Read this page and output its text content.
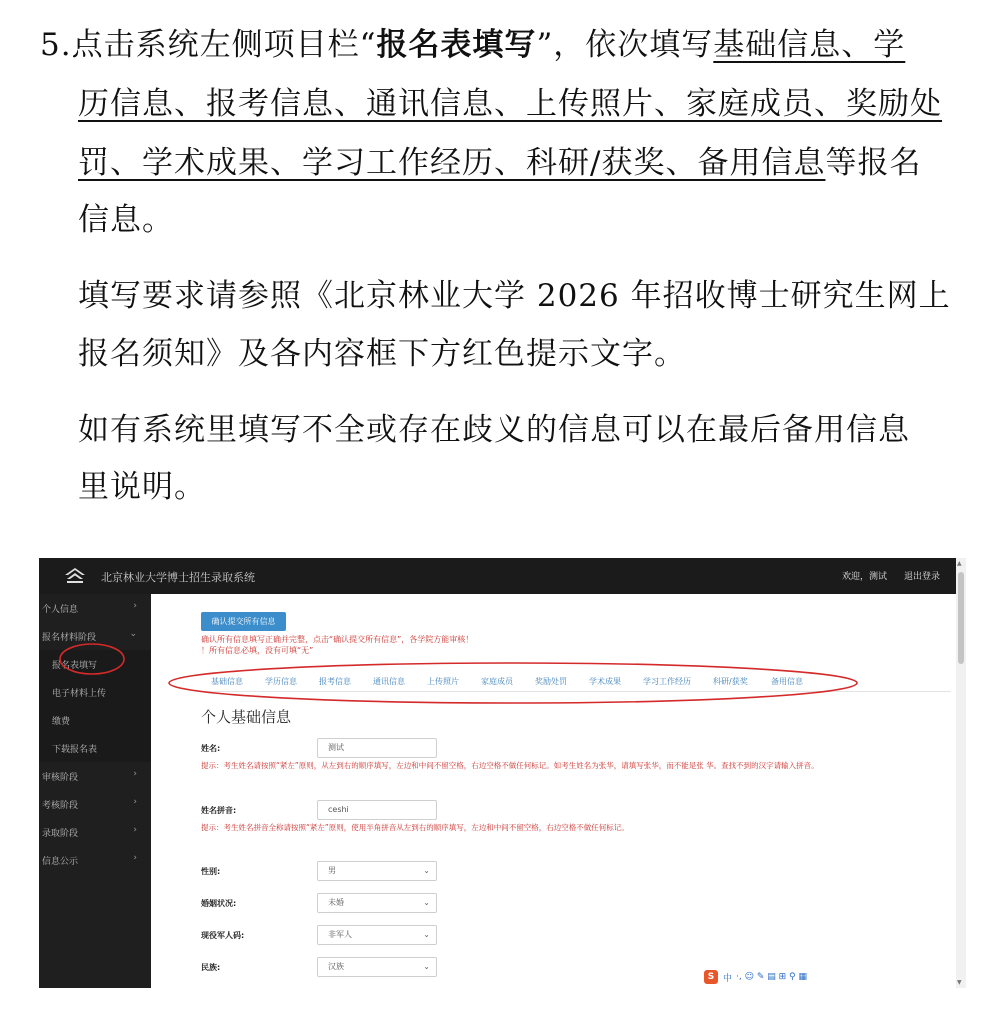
5.点击系统左侧项目栏“报名表填写”，依次填写基础信息、学
历信息、报考信息、通讯信息、上传照片、家庭成员、奖励处
罚、学术成果、学习工作经历、科研/获奖、备用信息等报名
信息。
填写要求请参照《北京林业大学 2026 年招收博士研究生网上
报名须知》及各内容框下方红色提示文字。
如有系统里填写不全或存在歧义的信息可以在最后备用信息
里说明。
北京林业大学博士招生录取系统	欢迎，测试 退出登录
个人信息	›
报名材料阶段	⌄
报名表填写
电子材料上传
缴费
下载报名表
审核阶段	›
考核阶段	›
录取阶段	›
信息公示	›
确认提交所有信息
确认所有信息填写正确并完整，点击“确认提交所有信息”，各学院方能审核！
！所有信息必填，没有可填“无”
基础信息	学历信息	报考信息	通讯信息	上传照片	家庭成员	奖励处罚	学术成果	学习工作经历	科研/获奖	备用信息
个人基础信息
姓名:	测试
提示：考生姓名请按照“紧左”原则，从左到右的顺序填写，左边和中间不留空格，右边空格不做任何标记。如考生姓名为张华，请填写张华，而不能是张 华。查找不到的汉字请输入拼音。
姓名拼音:	ceshi
提示：考生姓名拼音全称请按照“紧左”原则，使用半角拼音从左到右的顺序填写，左边和中间不留空格，右边空格不做任何标记。
性别:	男	⌄
婚姻状况:	未婚	⌄
现役军人码:	非军人	⌄
民族:	汉族	⌄
S 中 ·, ☺ ✎ ▤ ⊞ ⚲ ▦
▲
▼
